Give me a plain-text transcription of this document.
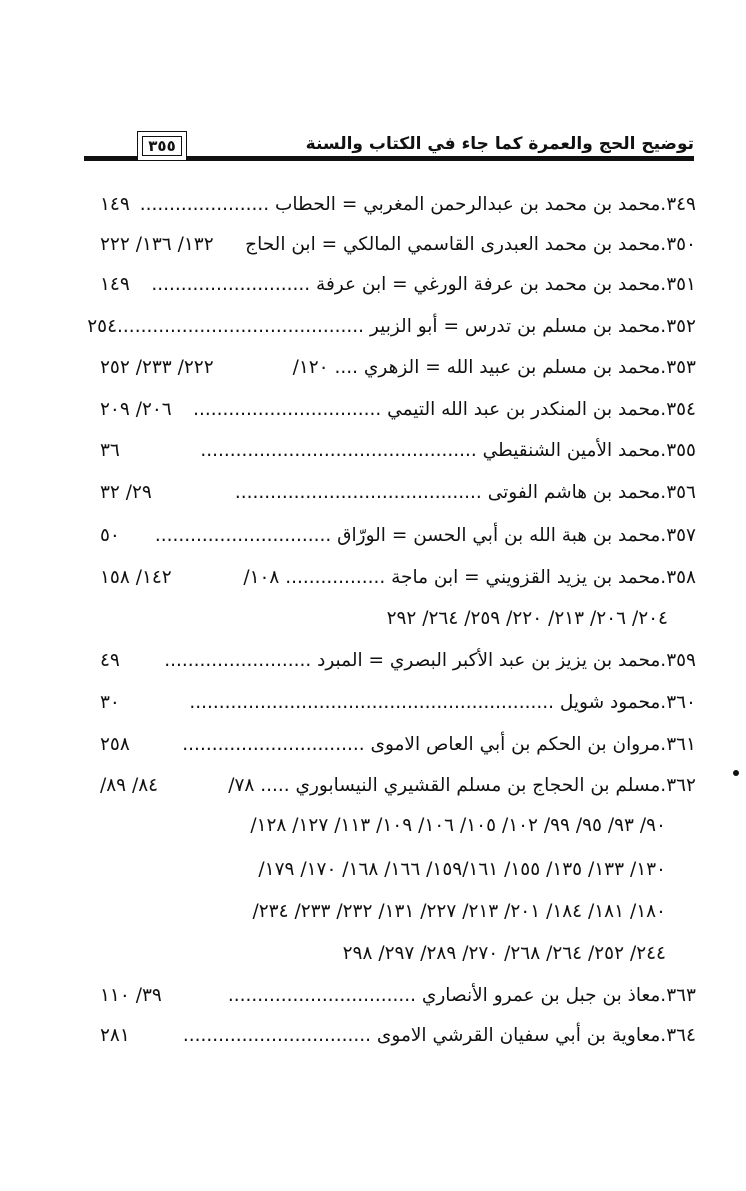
توضيح الحج والعمرة كما جاء في الكتاب والسنة
٣٥٥
٣٤٩.محمد بن محمد بن عبدالرحمن المغربي = الحطاب ......................
١٤٩
٣٥٠.محمد بن محمد العبدرى القاسمي المالكي = ابن الحاج
١٣٢/ ١٣٦/ ٢٢٢
٣٥١.محمد بن محمد بن عرفة الورغي = ابن عرفة ...........................
١٤٩
٣٥٢.محمد بن مسلم بن تدرس = أبو الزبير ..........................................
٢٥٤
٣٥٣.محمد بن مسلم بن عبيد الله = الزهري .... ١٢٠/
٢٢٢/ ٢٣٣/ ٢٥٢
٣٥٤.محمد بن المنكدر بن عبد الله التيمي ................................
٢٠٦/ ٢٠٩
٣٥٥.محمد الأمين الشنقيطي ...............................................
٣٦
٣٥٦.محمد بن هاشم الفوتى ..........................................
٢٩/ ٣٢
٣٥٧.محمد بن هبة الله بن أبي الحسن = الورّاق ..............................
٥٠
٣٥٨.محمد بن يزيد القزويني = ابن ماجة ................. ١٠٨/
١٤٢/ ١٥٨
٢٠٤/ ٢٠٦/ ٢١٣/ ٢٢٠/ ٢٥٩/ ٢٦٤/ ٢٩٢
٣٥٩.محمد بن يزيز بن عبد الأكبر البصري = المبرد .........................
٤٩
٣٦٠.محمود شويل ..............................................................
٣٠
٣٦١.مروان بن الحكم بن أبي العاص الاموى ...............................
٢٥٨
٣٦٢.مسلم بن الحجاج بن مسلم القشيري النيسابوري ..... ٧٨/
٨٤/ ٨٩/
٩٠/ ٩٣/ ٩٥/ ٩٩/ ١٠٢/ ١٠٥/ ١٠٦/ ١٠٩/ ١١٣/ ١٢٧/ ١٢٨/
١٣٠/ ١٣٣/ ١٣٥/ ١٥٥/ ١٥٩/١٦١/ ١٦٦/ ١٦٨/ ١٧٠/ ١٧٩/
١٨٠/ ١٨١/ ١٨٤/ ٢٠١/ ٢١٣/ ٢٢٧/ ١٣١/ ٢٣٢/ ٢٣٣/ ٢٣٤/
٢٤٤/ ٢٥٢/ ٢٦٤/ ٢٦٨/ ٢٧٠/ ٢٨٩/ ٢٩٧/ ٢٩٨
٣٦٣.معاذ بن جبل بن عمرو الأنصاري ................................
٣٩/ ١١٠
٣٦٤.معاوية بن أبي سفيان القرشي الاموى ................................
٢٨١
